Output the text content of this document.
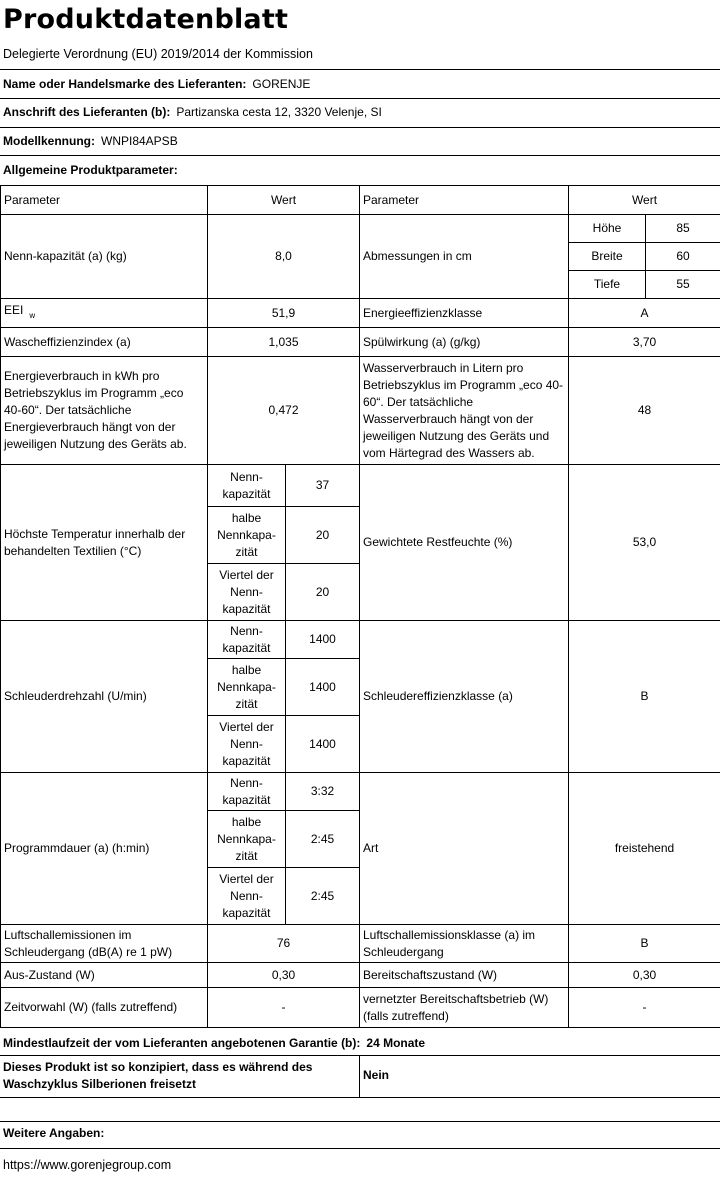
Produktdatenblatt
Delegierte Verordnung (EU) 2019/2014 der Kommission
Name oder Handelsmarke des Lieferanten: GORENJE
Anschrift des Lieferanten (b): Partizanska cesta 12, 3320 Velenje, SI
Modellkennung: WNPI84APSB
Allgemeine Produktparameter:
Parameter	Wert		Parameter	Wert	
Nenn-kapazität (a) (kg)	8,0		Abmessungen in cm	Höhe	85
				Breite	60
				Tiefe	55
EEI $_w$	51,9		Energieeffizienzklasse	A	
Wascheffizienzindex (a)	1,035		Spülwirkung (a) (g/kg)	3,70	
Energieverbrauch in kWh pro Betriebszyklus im Programm „eco 40-60“. Der tatsächliche Energieverbrauch hängt von der jeweiligen Nutzung des Geräts ab.	0,472		Wasserverbrauch in Litern pro Betriebszyklus im Programm „eco 40-60“. Der tatsächliche Wasserverbrauch hängt von der jeweiligen Nutzung des Geräts und vom Härtegrad des Wassers ab.	48	
Höchste Temperatur innerhalb der behandelten Textilien (°C)	Nenn-kapazität	37	Gewichtete Restfeuchte (%)	53,0	
	halbe Nennkapa-zität	20			
	Viertel der Nenn-kapazität	20			
Schleuderdrehzahl (U/min)	Nenn-kapazität	1400	Schleudereffizienzklasse (a)	B	
	halbe Nennkapa-zität	1400			
	Viertel der Nenn-kapazität	1400			
Programmdauer (a) (h:min)	Nenn-kapazität	3:32	Art	freistehend	
	halbe Nennkapa-zität	2:45			
	Viertel der Nenn-kapazität	2:45			
Luftschallemissionen im Schleudergang (dB(A) re 1 pW)	76		Luftschallemissionsklasse (a) im Schleudergang	B	
Aus-Zustand (W)	0,30		Bereitschaftszustand (W)	0,30	
Zeitvorwahl (W) (falls zutreffend)	-		vernetzter Bereitschaftsbetrieb (W) (falls zutreffend)	-	
Mindestlaufzeit der vom Lieferanten angebotenen Garantie (b): 24 Monate
Dieses Produkt ist so konzipiert, dass es während des Waschzyklus Silberionen freisetzt
Nein
Weitere Angaben:
https://www.gorenjegroup.com
